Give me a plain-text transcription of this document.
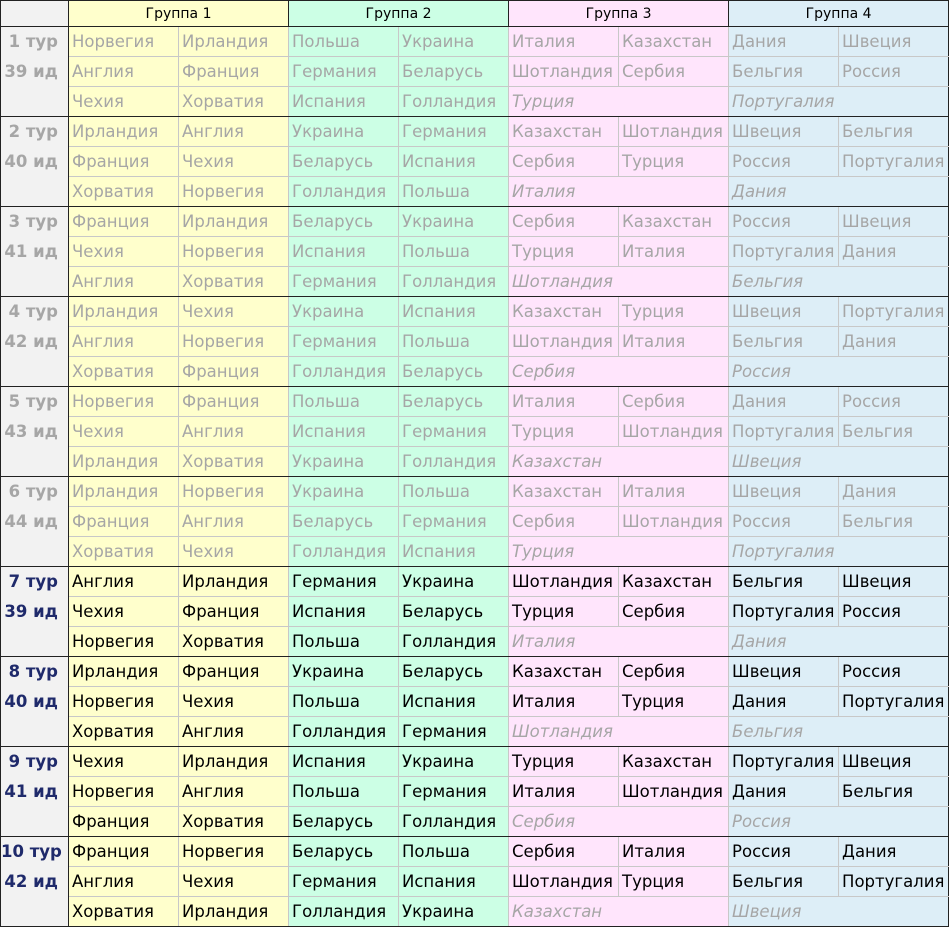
	Группа 1		Группа 2		Группа 3		Группа 4	
1 тур	Норвегия	Ирландия	Польша	Украина	Италия	Казахстан	Дания	Швеция
39 ид	Англия	Франция	Германия	Беларусь	Шотландия	Сербия	Бельгия	Россия
	Чехия	Хорватия	Испания	Голландия	Турция		Португалия	
2 тур	Ирландия	Англия	Украина	Германия	Казахстан	Шотландия	Швеция	Бельгия
40 ид	Франция	Чехия	Беларусь	Испания	Сербия	Турция	Россия	Португалия
	Хорватия	Норвегия	Голландия	Польша	Италия		Дания	
3 тур	Франция	Ирландия	Беларусь	Украина	Сербия	Казахстан	Россия	Швеция
41 ид	Чехия	Норвегия	Испания	Польша	Турция	Италия	Португалия	Дания
	Англия	Хорватия	Германия	Голландия	Шотландия		Бельгия	
4 тур	Ирландия	Чехия	Украина	Испания	Казахстан	Турция	Швеция	Португалия
42 ид	Англия	Норвегия	Германия	Польша	Шотландия	Италия	Бельгия	Дания
	Хорватия	Франция	Голландия	Беларусь	Сербия		Россия	
5 тур	Норвегия	Франция	Польша	Беларусь	Италия	Сербия	Дания	Россия
43 ид	Чехия	Англия	Испания	Германия	Турция	Шотландия	Португалия	Бельгия
	Ирландия	Хорватия	Украина	Голландия	Казахстан		Швеция	
6 тур	Ирландия	Норвегия	Украина	Польша	Казахстан	Италия	Швеция	Дания
44 ид	Франция	Англия	Беларусь	Германия	Сербия	Шотландия	Россия	Бельгия
	Хорватия	Чехия	Голландия	Испания	Турция		Португалия	
7 тур	Англия	Ирландия	Германия	Украина	Шотландия	Казахстан	Бельгия	Швеция
39 ид	Чехия	Франция	Испания	Беларусь	Турция	Сербия	Португалия	Россия
	Норвегия	Хорватия	Польша	Голландия	Италия		Дания	
8 тур	Ирландия	Франция	Украина	Беларусь	Казахстан	Сербия	Швеция	Россия
40 ид	Норвегия	Чехия	Польша	Испания	Италия	Турция	Дания	Португалия
	Хорватия	Англия	Голландия	Германия	Шотландия		Бельгия	
9 тур	Чехия	Ирландия	Испания	Украина	Турция	Казахстан	Португалия	Швеция
41 ид	Норвегия	Англия	Польша	Германия	Италия	Шотландия	Дания	Бельгия
	Франция	Хорватия	Беларусь	Голландия	Сербия		Россия	
10 тур	Франция	Норвегия	Беларусь	Польша	Сербия	Италия	Россия	Дания
42 ид	Англия	Чехия	Германия	Испания	Шотландия	Турция	Бельгия	Португалия
	Хорватия	Ирландия	Голландия	Украина	Казахстан		Швеция	
